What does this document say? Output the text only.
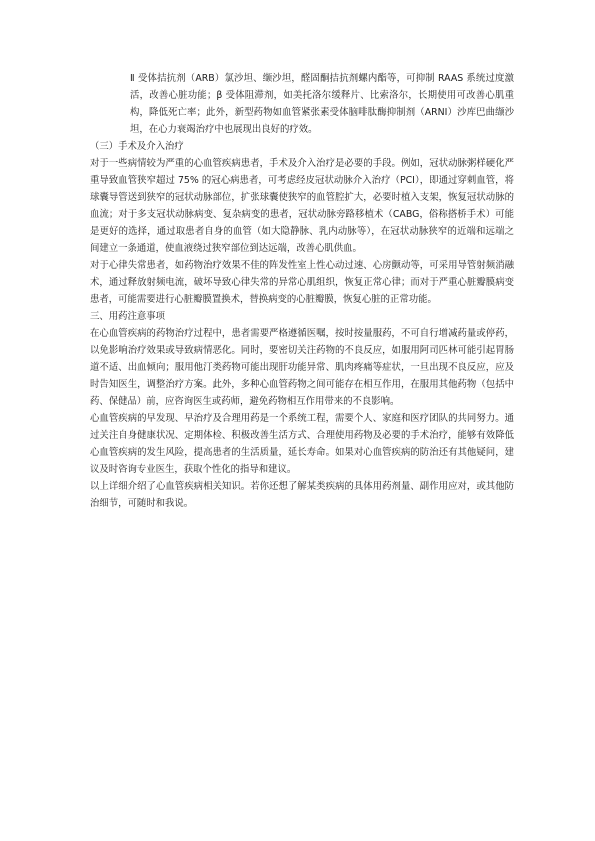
Ⅱ 受体拮抗剂（ARB）氯沙坦、缬沙坦，醛固酮拮抗剂螺内酯等，可抑制 RAAS 系统过度激活，改善心脏功能；β 受体阻滞剂，如美托洛尔缓释片、比索洛尔，长期使用可改善心肌重构，降低死亡率；此外，新型药物如血管紧张素受体脑啡肽酶抑制剂（ARNI）沙库巴曲缬沙坦，在心力衰竭治疗中也展现出良好的疗效。

（三）手术及介入治疗

对于一些病情较为严重的心血管疾病患者，手术及介入治疗是必要的手段。例如，冠状动脉粥样硬化严重导致血管狭窄超过 75% 的冠心病患者，可考虑经皮冠状动脉介入治疗（PCI），即通过穿刺血管，将球囊导管送到狭窄的冠状动脉部位，扩张球囊使狭窄的血管腔扩大，必要时植入支架，恢复冠状动脉的血流；对于多支冠状动脉病变、复杂病变的患者，冠状动脉旁路移植术（CABG，俗称搭桥手术）可能是更好的选择，通过取患者自身的血管（如大隐静脉、乳内动脉等），在冠状动脉狭窄的近端和远端之间建立一条通道，使血液绕过狭窄部位到达远端，改善心肌供血。

对于心律失常患者，如药物治疗效果不佳的阵发性室上性心动过速、心房颤动等，可采用导管射频消融术，通过释放射频电流，破坏导致心律失常的异常心肌组织，恢复正常心律；而对于严重心脏瓣膜病变患者，可能需要进行心脏瓣膜置换术，替换病变的心脏瓣膜，恢复心脏的正常功能。

三、用药注意事项

在心血管疾病的药物治疗过程中，患者需要严格遵循医嘱，按时按量服药，不可自行增减药量或停药，以免影响治疗效果或导致病情恶化。同时，要密切关注药物的不良反应，如服用阿司匹林可能引起胃肠道不适、出血倾向；服用他汀类药物可能出现肝功能异常、肌肉疼痛等症状，一旦出现不良反应，应及时告知医生，调整治疗方案。此外，多种心血管药物之间可能存在相互作用，在服用其他药物（包括中药、保健品）前，应咨询医生或药师，避免药物相互作用带来的不良影响。

心血管疾病的早发现、早治疗及合理用药是一个系统工程，需要个人、家庭和医疗团队的共同努力。通过关注自身健康状况、定期体检、积极改善生活方式、合理使用药物及必要的手术治疗，能够有效降低心血管疾病的发生风险，提高患者的生活质量，延长寿命。如果对心血管疾病的防治还有其他疑问，建议及时咨询专业医生，获取个性化的指导和建议。

以上详细介绍了心血管疾病相关知识。若你还想了解某类疾病的具体用药剂量、副作用应对，或其他防治细节，可随时和我说。
